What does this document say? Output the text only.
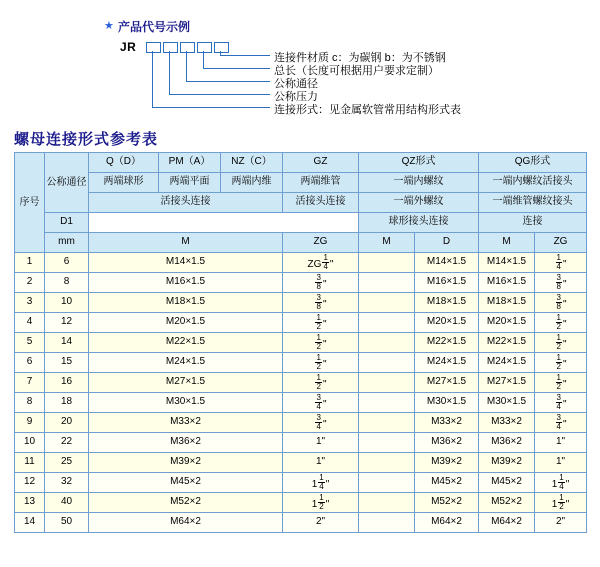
★ 产品代号示例
JR
连接件材质 c：为碳钢 b：为不锈钢
总长（长度可根据用户要求定制）
公称通径
公称压力
连接形式：见金属软管常用结构形式表
螺母连接形式参考表
序号	公称通径	Q（D）	PM（A）	NZ（C）	GZ	QZ形式		QG形式	
		两端球形	两端平面	两端内维	两端维管	一端内螺纹		一端内螺纹活接头	
		活接头连接			活接头连接	一端外螺纹		一端维管螺纹接头	
	D1					球形接头连接		连接	
	mm	M			ZG	M	D	M	ZG
1	6	M14×1.5			ZG $\frac{1}{4}$ "		M14×1.5	M14×1.5	$\frac{1}{4}$ "
2	8	M16×1.5			$\frac{3}{8}$ "		M16×1.5	M16×1.5	$\frac{3}{8}$ "
3	10	M18×1.5			$\frac{3}{8}$ "		M18×1.5	M18×1.5	$\frac{3}{8}$ "
4	12	M20×1.5			$\frac{1}{2}$ "		M20×1.5	M20×1.5	$\frac{1}{2}$ "
5	14	M22×1.5			$\frac{1}{2}$ "		M22×1.5	M22×1.5	$\frac{1}{2}$ "
6	15	M24×1.5			$\frac{1}{2}$ "		M24×1.5	M24×1.5	$\frac{1}{2}$ "
7	16	M27×1.5			$\frac{1}{2}$ "		M27×1.5	M27×1.5	$\frac{1}{2}$ "
8	18	M30×1.5			$\frac{3}{4}$ "		M30×1.5	M30×1.5	$\frac{3}{4}$ "
9	20	M33×2			$\frac{3}{4}$ "		M33×2	M33×2	$\frac{3}{4}$ "
10	22	M36×2			1"		M36×2	M36×2	1"
11	25	M39×2			1"		M39×2	M39×2	1"
12	32	M45×2			$1 \frac{1}{4}$ "		M45×2	M45×2	$1 \frac{1}{4}$ "
13	40	M52×2			$1 \frac{1}{2}$ "		M52×2	M52×2	$1 \frac{1}{2}$ "
14	50	M64×2			2"		M64×2	M64×2	2"
